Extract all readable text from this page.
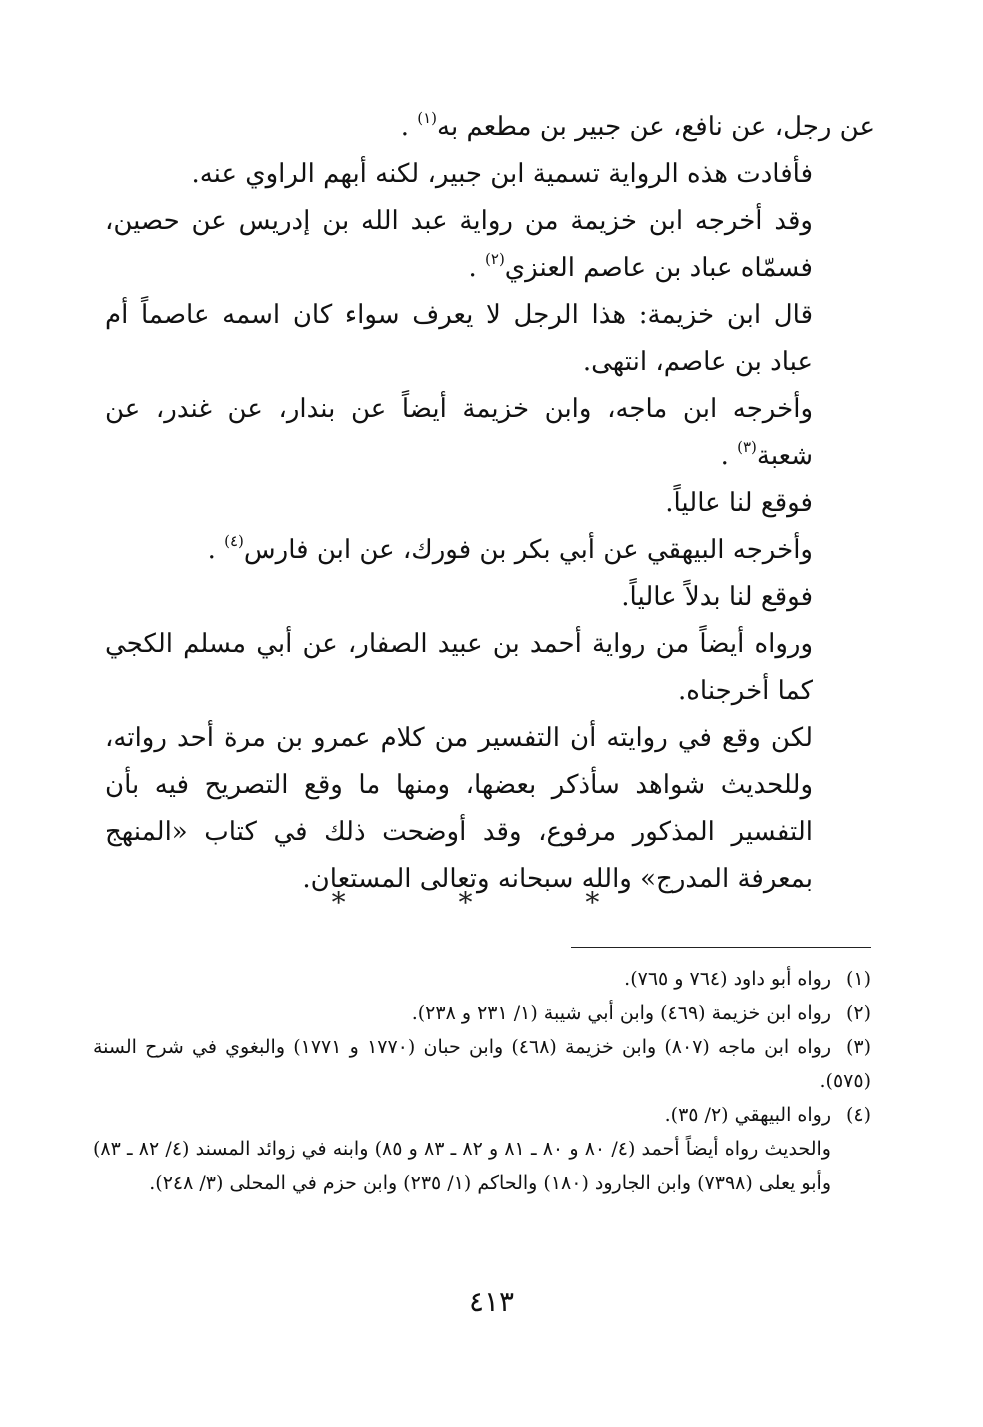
عن رجل، عن نافع، عن جبير بن مطعم به$^{(١)}$ .

فأفادت هذه الرواية تسمية ابن جبير، لكنه أبهم الراوي عنه.

وقد أخرجه ابن خزيمة من رواية عبد الله بن إدريس عن حصين، فسمّاه عباد بن عاصم العنزي$^{(٢)}$ .

قال ابن خزيمة: هذا الرجل لا يعرف سواء كان اسمه عاصماً أم عباد بن عاصم، انتهى.

وأخرجه ابن ماجه، وابن خزيمة أيضاً عن بندار، عن غندر، عن شعبة$^{(٣)}$ .

فوقع لنا عالياً.

وأخرجه البيهقي عن أبي بكر بن فورك، عن ابن فارس$^{(٤)}$ .

فوقع لنا بدلاً عالياً.

ورواه أيضاً من رواية أحمد بن عبيد الصفار، عن أبي مسلم الكجي كما أخرجناه.

لكن وقع في روايته أن التفسير من كلام عمرو بن مرة أحد رواته، وللحديث شواهد سأذكر بعضها، ومنها ما وقع التصريح فيه بأن التفسير المذكور مرفوع، وقد أوضحت ذلك في كتاب «المنهج بمعرفة المدرج» والله سبحانه وتعالى المستعان.

* * *

(١)رواه أبو داود (٧٦٤ و ٧٦٥).

(٢)رواه ابن خزيمة (٤٦٩) وابن أبي شيبة (١/ ٢٣١ و ٢٣٨).

(٣)رواه ابن ماجه (٨٠٧) وابن خزيمة (٤٦٨) وابن حبان (١٧٧٠ و ١٧٧١) والبغوي في شرح السنة (٥٧٥).

(٤)رواه البيهقي (٢/ ٣٥).

والحديث رواه أيضاً أحمد (٤/ ٨٠ و ٨٠ ـ ٨١ و ٨٢ ـ ٨٣ و ٨٥) وابنه في زوائد المسند (٤/ ٨٢ ـ ٨٣) وأبو يعلى (٧٣٩٨) وابن الجارود (١٨٠) والحاكم (١/ ٢٣٥) وابن حزم في المحلى (٣/ ٢٤٨).

٤١٣
